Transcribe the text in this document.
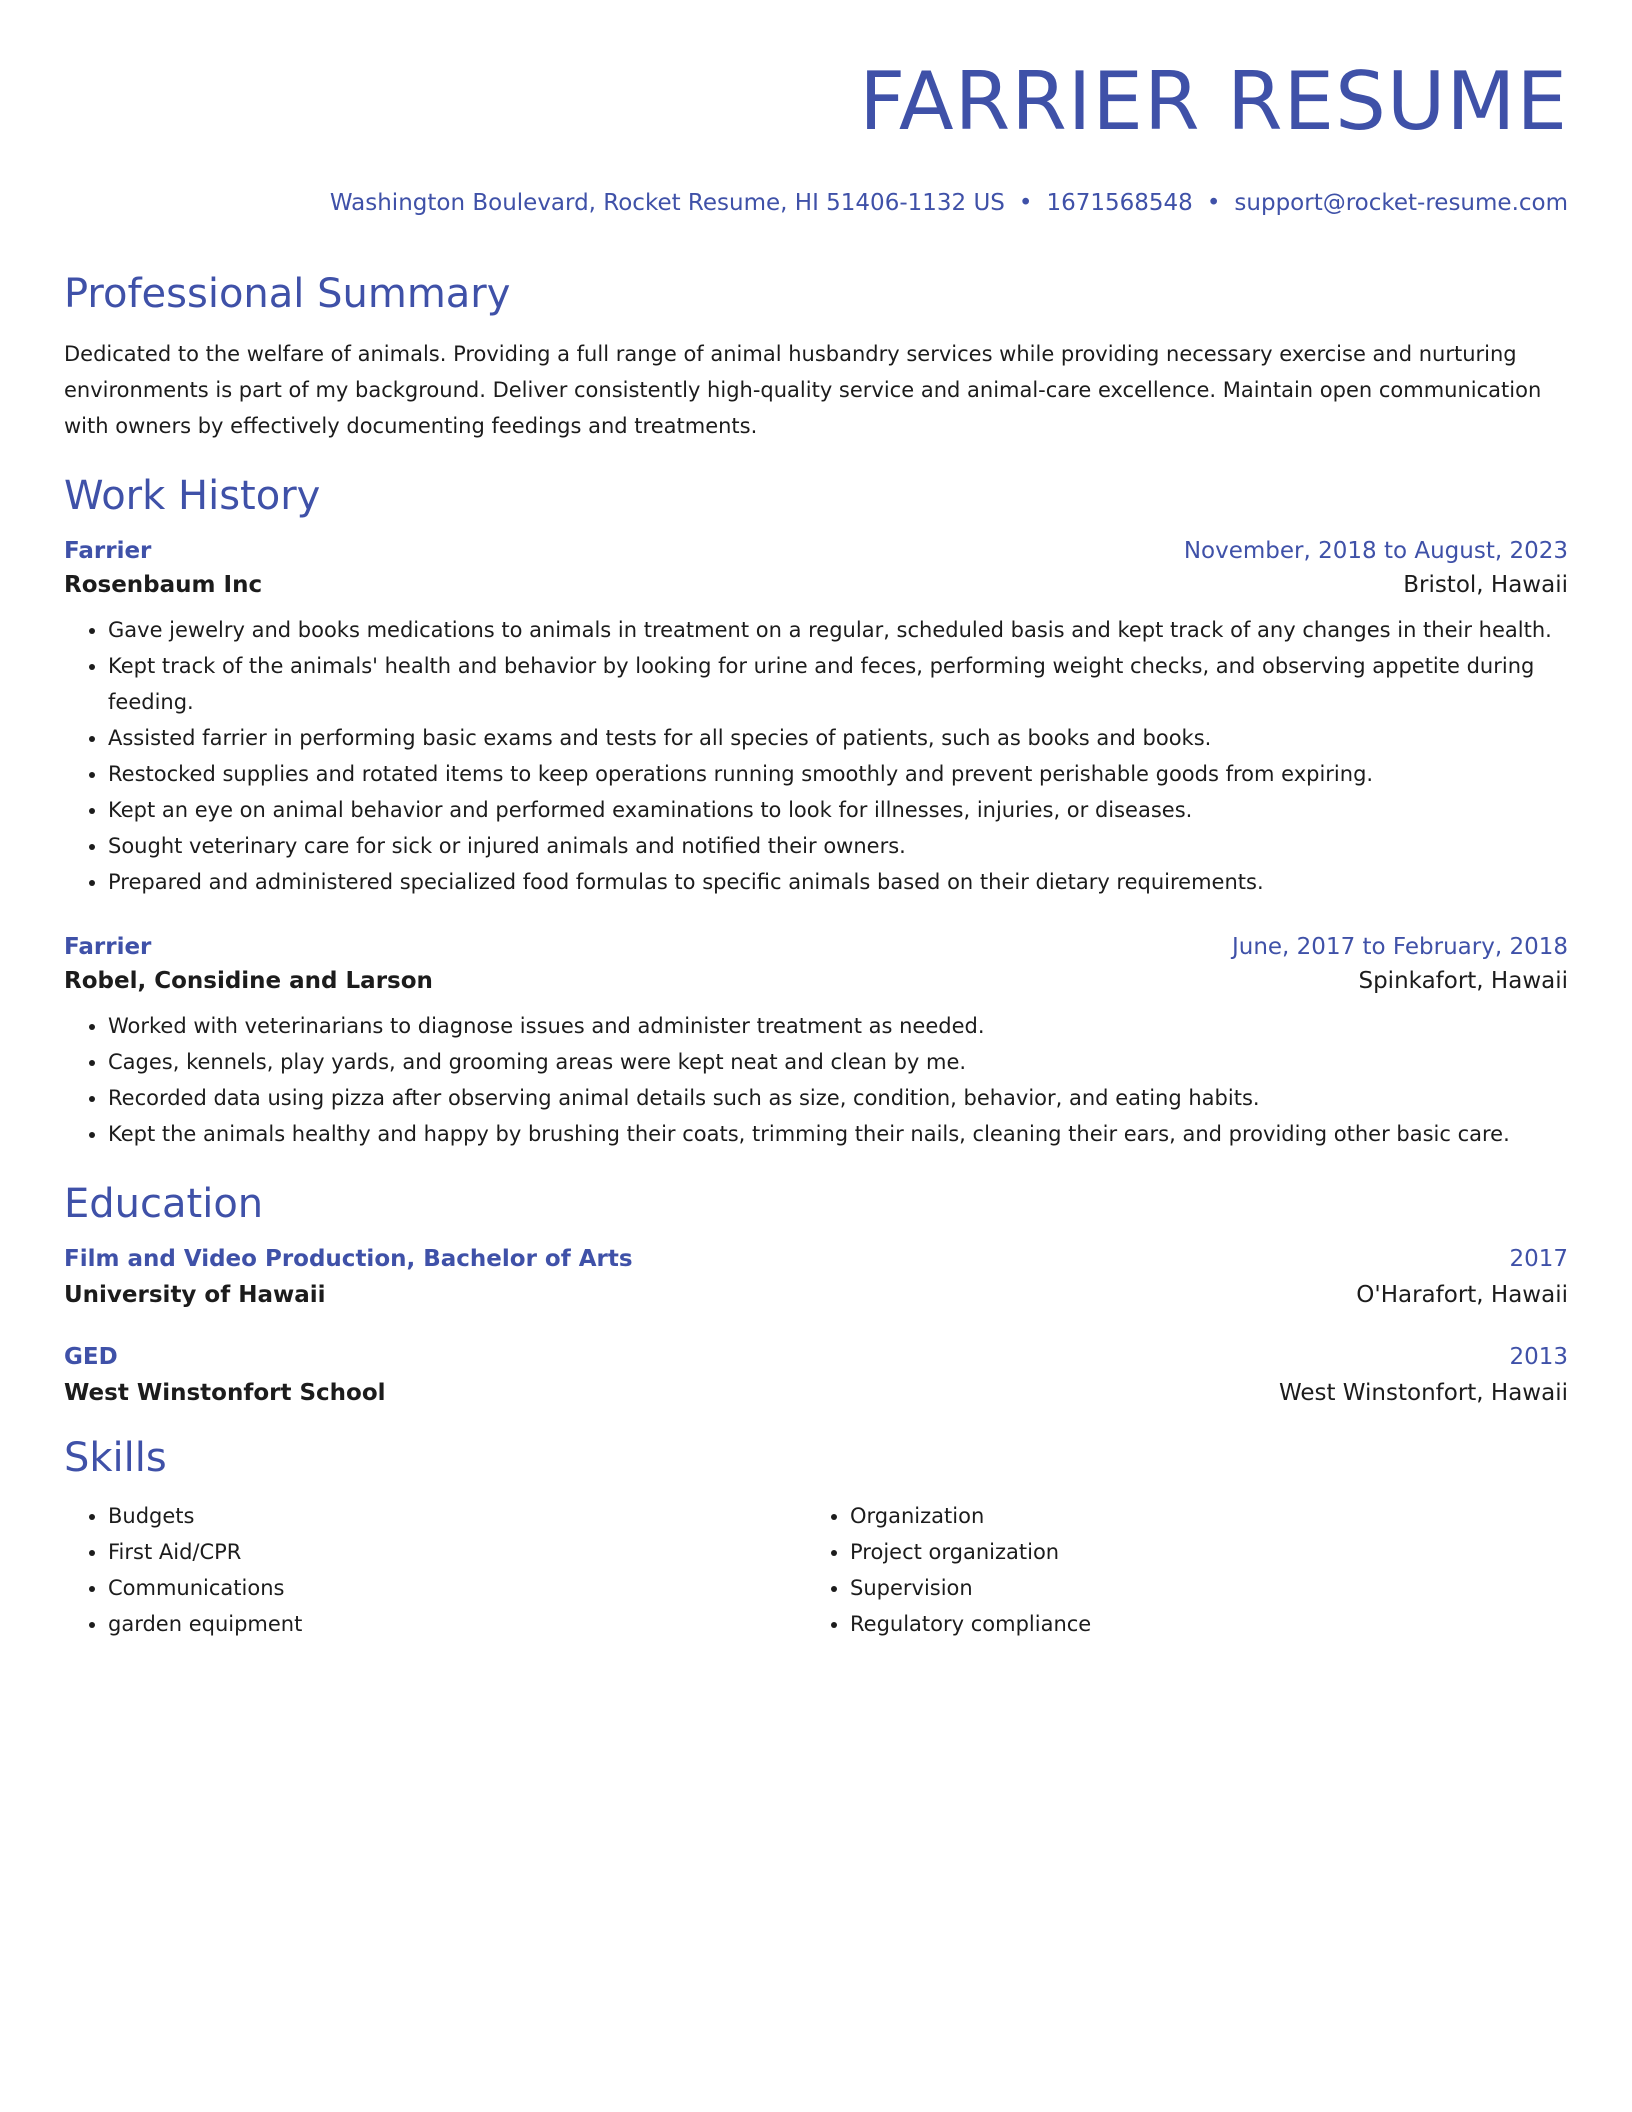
FARRIER RESUME
Washington Boulevard, Rocket Resume, HI 51406-1132 US • 1671568548 • support@rocket-resume.com
Professional Summary
Dedicated to the welfare of animals. Providing a full range of animal husbandry services while providing necessary exercise and nurturing environments is part of my background. Deliver consistently high-quality service and animal-care excellence. Maintain open communication with owners by effectively documenting feedings and treatments.
Work History
Farrier	November, 2018 to August, 2023
Rosenbaum Inc	Bristol, Hawaii
• Gave jewelry and books medications to animals in treatment on a regular, scheduled basis and kept track of any changes in their health.
• Kept track of the animals' health and behavior by looking for urine and feces, performing weight checks, and observing appetite during feeding.
• Assisted farrier in performing basic exams and tests for all species of patients, such as books and books.
• Restocked supplies and rotated items to keep operations running smoothly and prevent perishable goods from expiring.
• Kept an eye on animal behavior and performed examinations to look for illnesses, injuries, or diseases.
• Sought veterinary care for sick or injured animals and notified their owners.
• Prepared and administered specialized food formulas to specific animals based on their dietary requirements.
Farrier	June, 2017 to February, 2018
Robel, Considine and Larson	Spinkafort, Hawaii
• Worked with veterinarians to diagnose issues and administer treatment as needed.
• Cages, kennels, play yards, and grooming areas were kept neat and clean by me.
• Recorded data using pizza after observing animal details such as size, condition, behavior, and eating habits.
• Kept the animals healthy and happy by brushing their coats, trimming their nails, cleaning their ears, and providing other basic care.
Education
Film and Video Production, Bachelor of Arts	2017
University of Hawaii	O'Harafort, Hawaii
GED	2013
West Winstonfort School	West Winstonfort, Hawaii
Skills
• Budgets
• First Aid/CPR
• Communications
• garden equipment
• Organization
• Project organization
• Supervision
• Regulatory compliance
